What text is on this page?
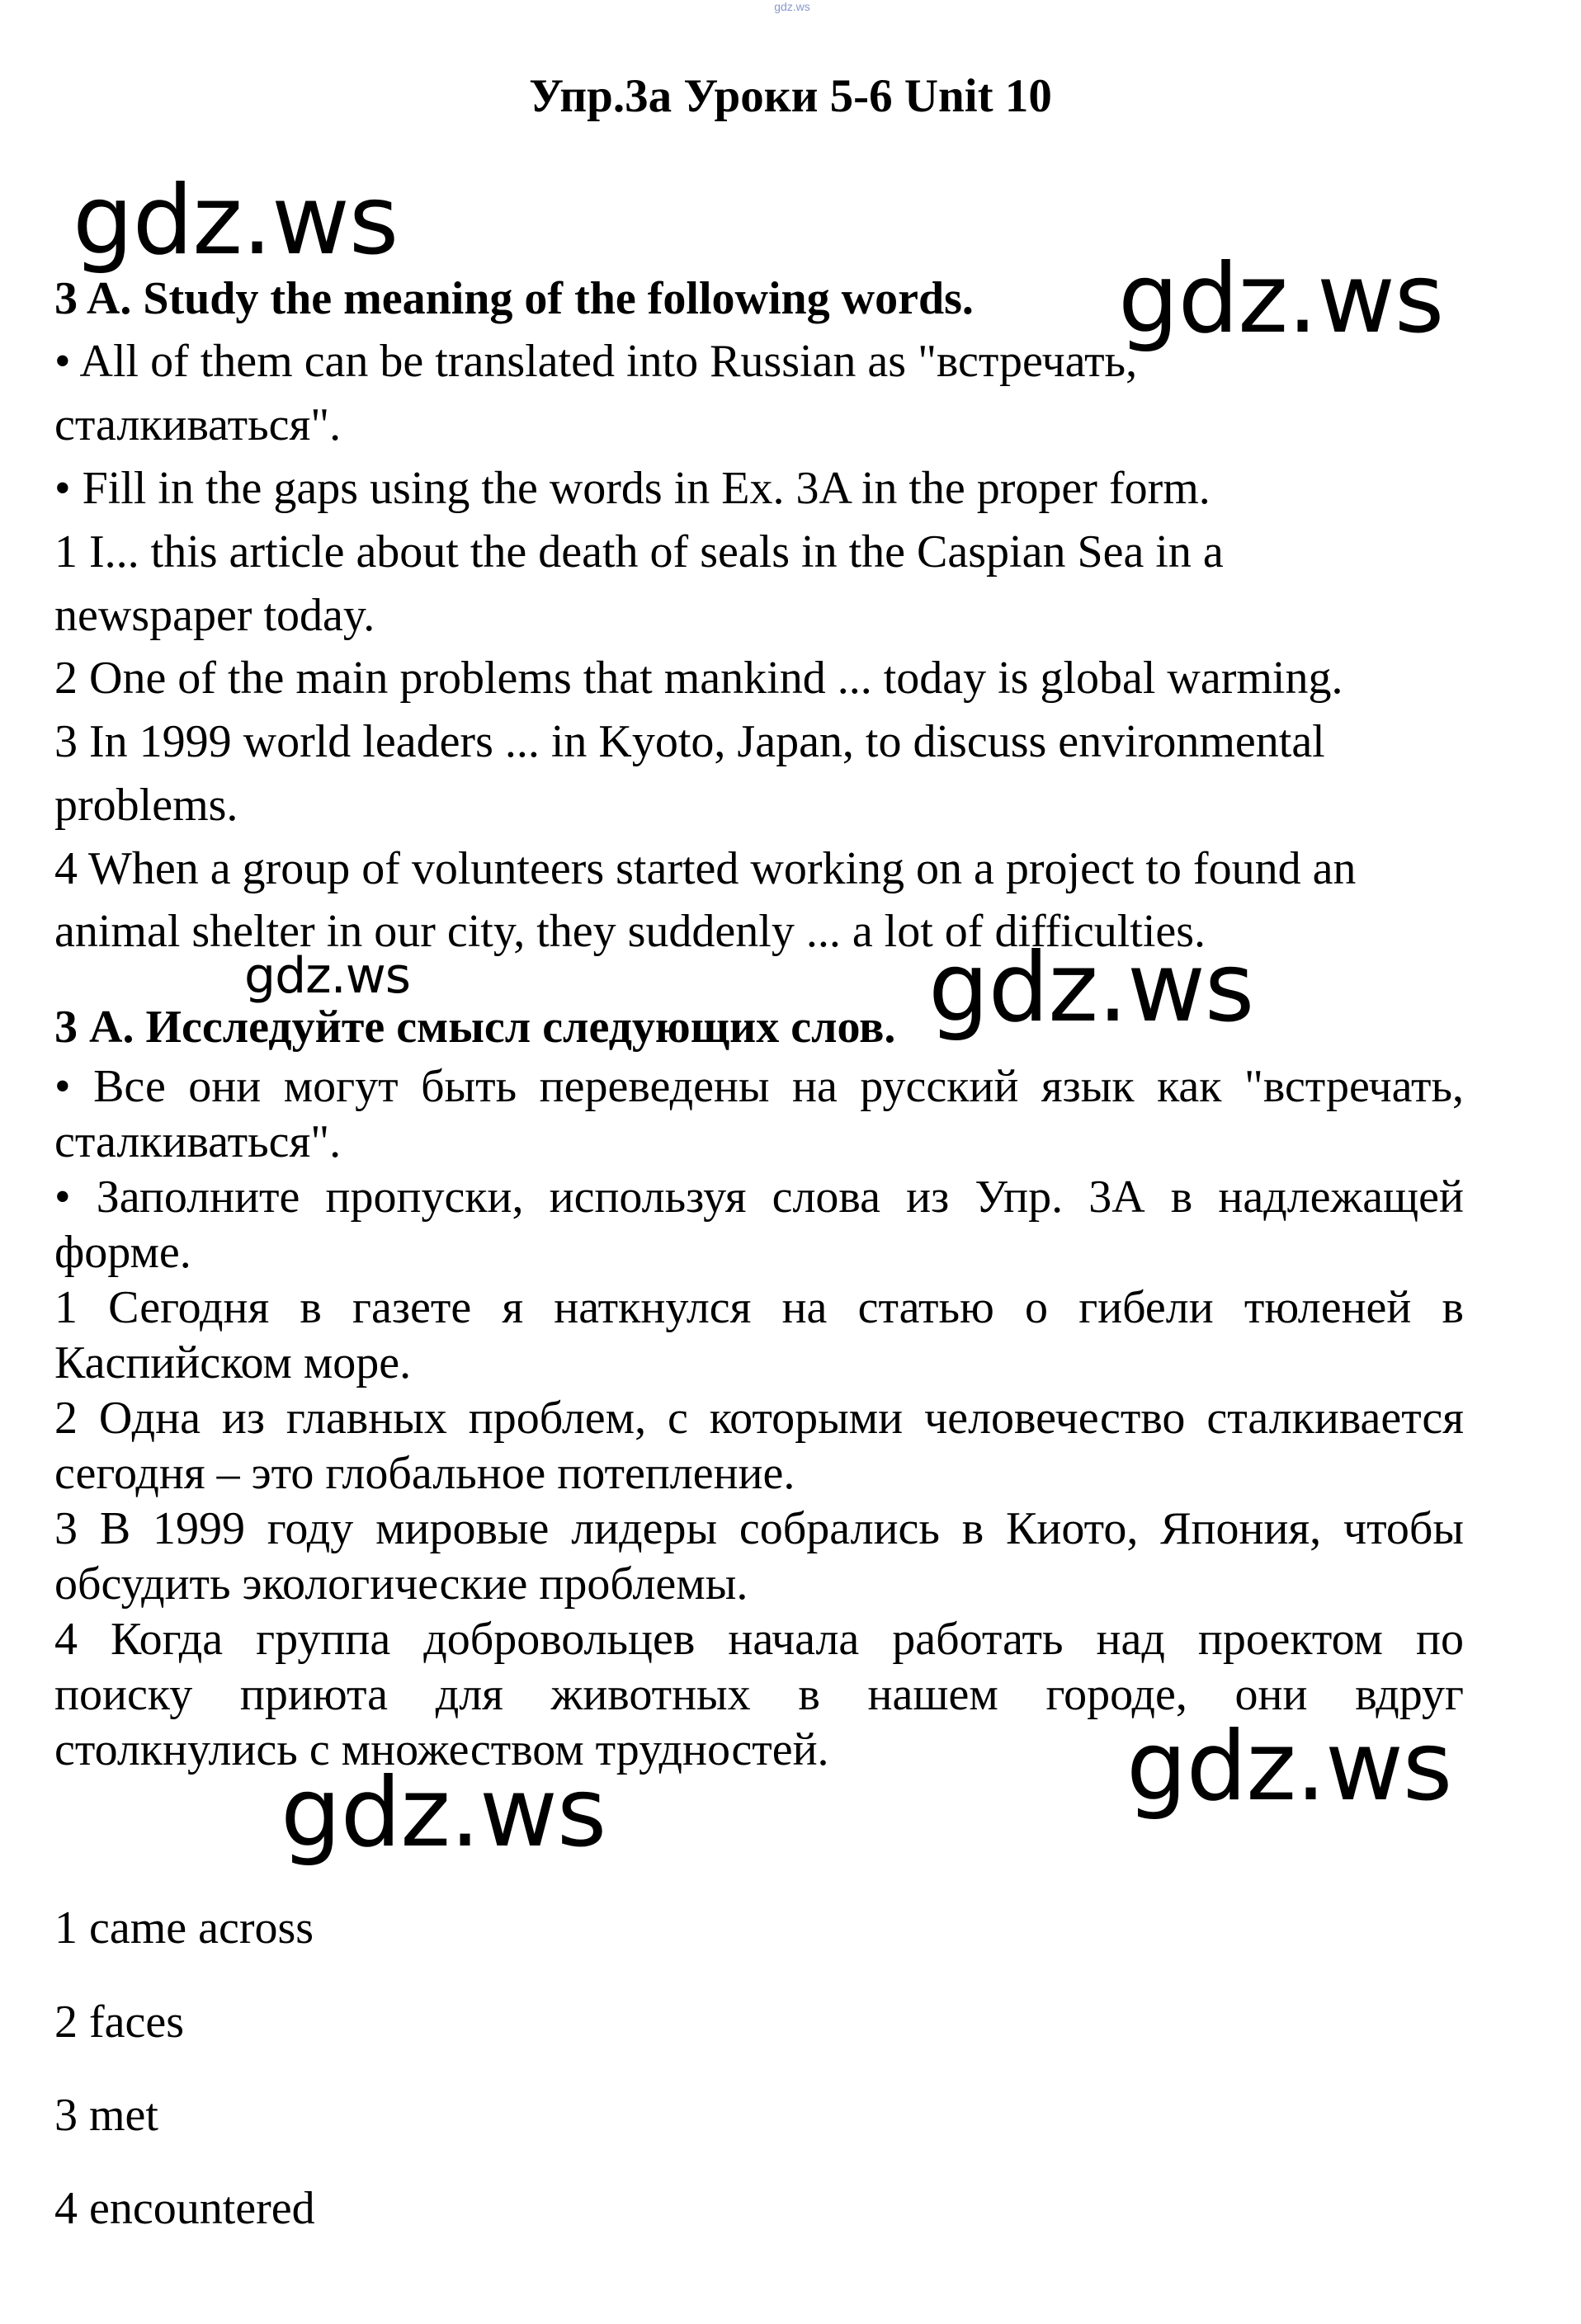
gdz.ws
Упр.3а Уроки 5-6 Unit 10
3 A. Study the meaning of the following words.
• All of them can be translated into Russian as "встречать,
сталкиваться".
• Fill in the gaps using the words in Ex. 3A in the proper form.
1 I... this article about the death of seals in the Caspian Sea in a
newspaper today.
2 One of the main problems that mankind ... today is global warming.
3 In 1999 world leaders ... in Kyoto, Japan, to discuss environmental
problems.
4 When a group of volunteers started working on a project to found an
animal shelter in our city, they suddenly ... a lot of difficulties.
3 А. Исследуйте смысл следующих слов.
• Все они могут быть переведены на русский язык как "встречать,
сталкиваться".
• Заполните пропуски, используя слова из Упр. 3А в надлежащей
форме.
1 Сегодня в газете я наткнулся на статью о гибели тюленей в
Каспийском море.
2 Одна из главных проблем, с которыми человечество сталкивается
сегодня – это глобальное потепление.
3 В 1999 году мировые лидеры собрались в Киото, Япония, чтобы
обсудить экологические проблемы.
4 Когда группа добровольцев начала работать над проектом по
поиску приюта для животных в нашем городе, они вдруг
столкнулись с множеством трудностей.
1 came across
2 faces
3 met
4 encountered
gdz.ws
gdz.ws
gdz.ws	gdz.ws
gdz.ws
gdz.ws
